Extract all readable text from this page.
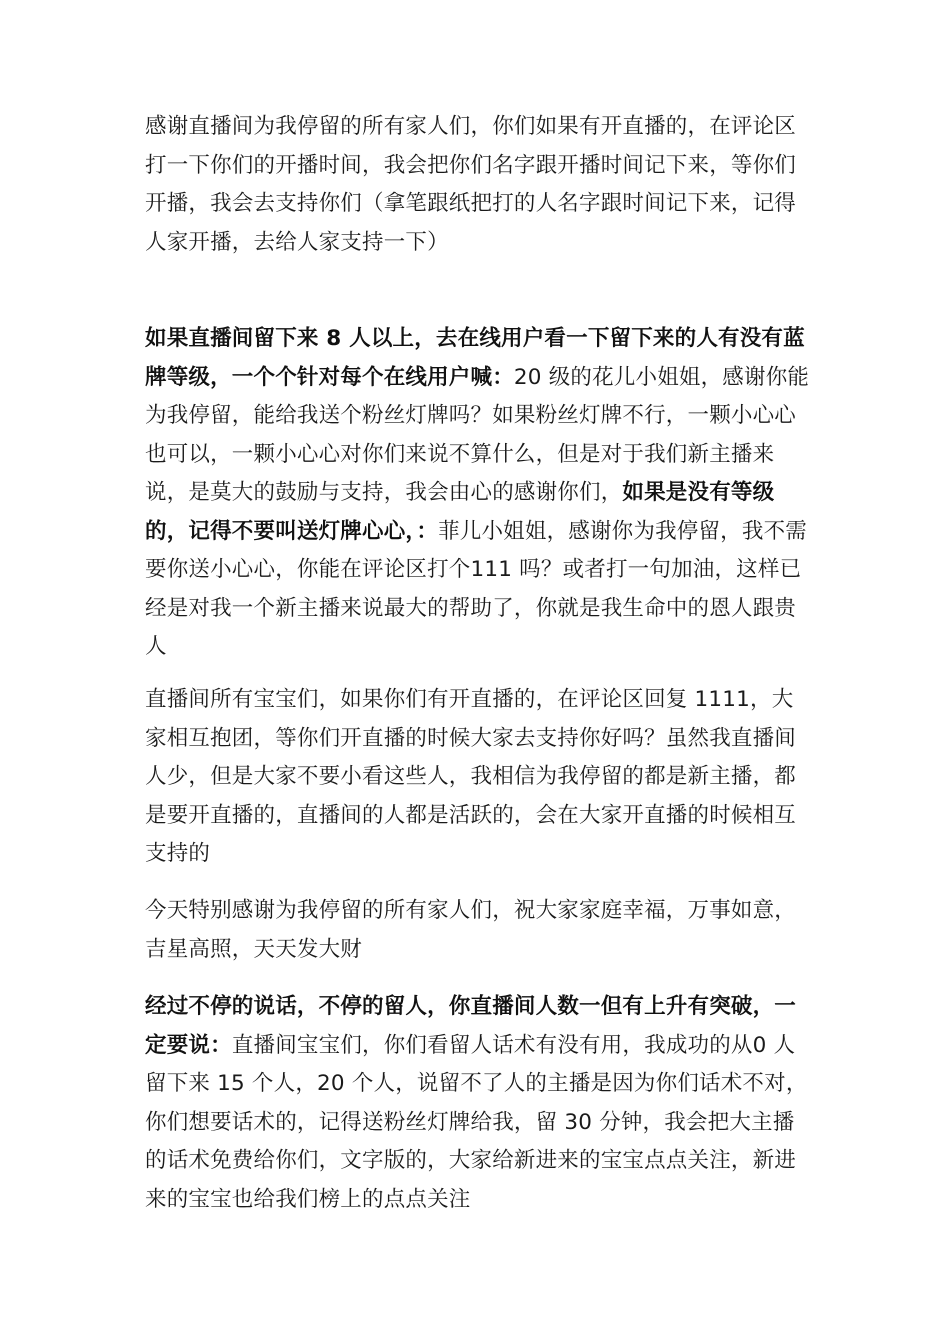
感谢直播间为我停留的所有家人们，你们如果有开直播的，在评论区打一下你们的开播时间，我会把你们名字跟开播时间记下来，等你们开播，我会去支持你们（拿笔跟纸把打的人名字跟时间记下来，记得人家开播，去给人家支持一下）

如果直播间留下来 8 人以上，去在线用户看一下留下来的人有没有蓝牌等级，一个个针对每个在线用户喊：20 级的花儿小姐姐，感谢你能为我停留，能给我送个粉丝灯牌吗？如果粉丝灯牌不行，一颗小心心也可以，一颗小心心对你们来说不算什么，但是对于我们新主播来说，是莫大的鼓励与支持，我会由心的感谢你们，如果是没有等级的，记得不要叫送灯牌心心，：菲儿小姐姐，感谢你为我停留，我不需要你送小心心，你能在评论区打个111 吗？或者打一句加油，这样已经是对我一个新主播来说最大的帮助了，你就是我生命中的恩人跟贵人

直播间所有宝宝们，如果你们有开直播的，在评论区回复 1111，大家相互抱团，等你们开直播的时候大家去支持你好吗？虽然我直播间人少，但是大家不要小看这些人，我相信为我停留的都是新主播，都是要开直播的，直播间的人都是活跃的，会在大家开直播的时候相互支持的

今天特别感谢为我停留的所有家人们，祝大家家庭幸福，万事如意，吉星高照，天天发大财

经过不停的说话，不停的留人，你直播间人数一但有上升有突破，一定要说：直播间宝宝们，你们看留人话术有没有用，我成功的从0 人留下来 15 个人，20 个人，说留不了人的主播是因为你们话术不对，你们想要话术的，记得送粉丝灯牌给我，留 30 分钟，我会把大主播的话术免费给你们，文字版的，大家给新进来的宝宝点点关注，新进来的宝宝也给我们榜上的点点关注
